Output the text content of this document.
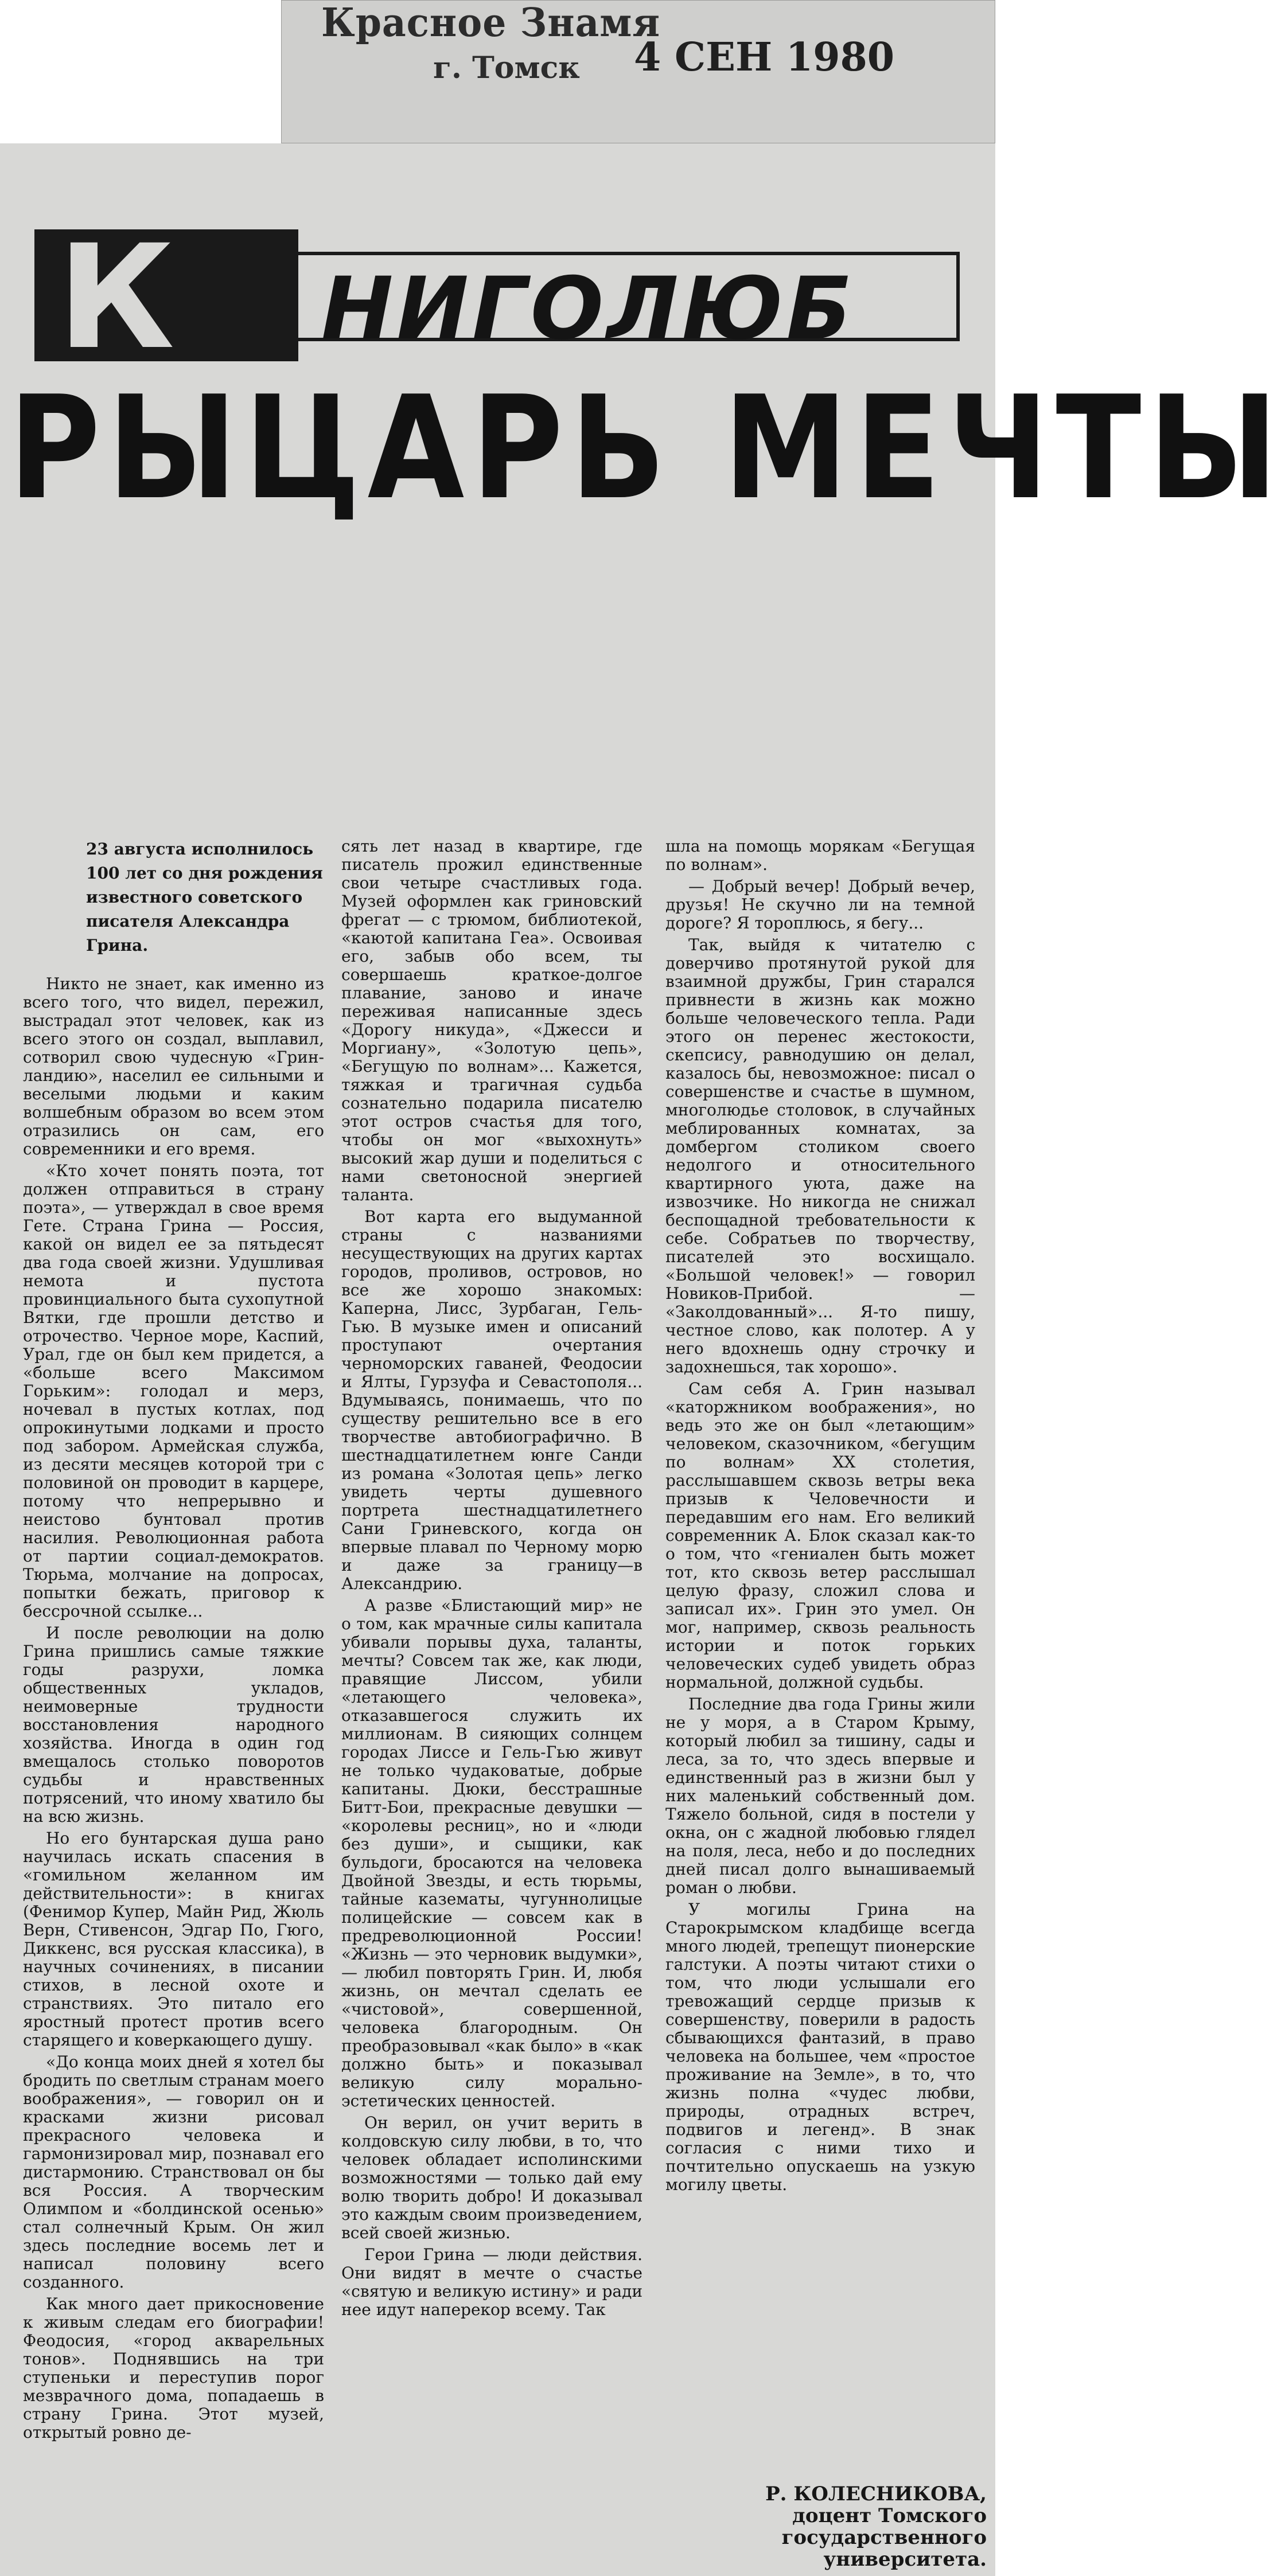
Красное Знамя
г. Томск 4 СЕН 1980
К НИГОЛЮБ
РЫЦАРЬ МЕЧТЫ

23 августа исполнилось 100 лет со дня рождения известного советского писателя Александра Грина.

Никто не знает, как именно из всего того, что видел, пережил, выстрадал этот человек, как из всего этого он создал, выплавил, сотворил свою чудесную «Грин-ландию», населил ее сильными и веселыми людьми и каким волшебным образом во всем этом отразились он сам, его современники и его время.

«Кто хочет понять поэта, тот должен отправиться в страну поэта», — утверждал в свое время Гете. Страна Грина — Россия, какой он видел ее за пятьдесят два года своей жизни. Удушливая немота и пустота провинциального быта сухопутной Вятки, где прошли детство и отрочество. Черное море, Каспий, Урал, где он был кем придется, а «больше всего Максимом Горьким»: голодал и мерз, ночевал в пустых котлах, под опрокинутыми лодками и просто под забором. Армейская служба, из десяти месяцев которой три с половиной он проводит в карцере, потому что непрерывно и неистово бунтовал против насилия. Революционная работа от партии социал-демократов. Тюрьма, молчание на допросах, попытки бежать, приговор к бессрочной ссылке...

И после революции на долю Грина пришлись самые тяжкие годы разрухи, ломка общественных укладов, неимоверные трудности восстановления народного хозяйства. Иногда в один год вмещалось столько поворотов судьбы и нравственных потрясений, что иному хватило бы на всю жизнь.

Но его бунтарская душа рано научилась искать спасения в «гомильном желанном им действительности»: в книгах (Фенимор Купер, Майн Рид, Жюль Верн, Стивенсон, Эдгар По, Гюго, Диккенс, вся русская классика), в научных сочинениях, в писании стихов, в лесной охоте и странствиях. Это питало его яростный протест против всего старящего и коверкающего душу.

«До конца моих дней я хотел бы бродить по светлым странам моего воображения», — говорил он и красками жизни рисовал прекрасного человека и гармонизировал мир, познавал его дистармонию. Странствовал он бы вся Россия. А творческим Олимпом и «болдинской осенью» стал солнечный Крым. Он жил здесь последние восемь лет и написал половину всего созданного.

Как много дает прикосновение к живым следам его биографии! Феодосия, «город акварельных тонов». Поднявшись на три ступеньки и переступив порог мезврачного дома, попадаешь в страну Грина. Этот музей, открытый ровно де-

сять лет назад в квартире, где писатель прожил единственные свои четыре счастливых года. Музей оформлен как гриновский фрегат — с трюмом, библиотекой, «каютой капитана Геа». Освоивая его, забыв обо всем, ты совершаешь краткое-долгое плавание, заново и иначе переживая написанные здесь «Дорогу никуда», «Джесси и Моргиану», «Золотую цепь», «Бегущую по волнам»... Кажется, тяжкая и трагичная судьба сознательно подарила писателю этот остров счастья для того, чтобы он мог «выхохнуть» высокий жар души и поделиться с нами светоносной энергией таланта.

Вот карта его выдуманной страны с названиями несуществующих на других картах городов, проливов, островов, но все же хорошо знакомых: Каперна, Лисс, Зурбаган, Гель-Гью. В музыке имен и описаний проступают очертания черноморских гаваней, Феодосии и Ялты, Гурзуфа и Севастополя... Вдумываясь, понимаешь, что по существу решительно все в его творчестве автобиографично. В шестнадцатилетнем юнге Санди из романа «Золотая цепь» легко увидеть черты душевного портрета шестнадцатилетнего Сани Гриневского, когда он впервые плавал по Черному морю и даже за границу—в Александрию.

А разве «Блистающий мир» не о том, как мрачные силы капитала убивали порывы духа, таланты, мечты? Совсем так же, как люди, правящие Лиссом, убили «летающего человека», отказавшегося служить их миллионам. В сияющих солнцем городах Лиссе и Гель-Гью живут не только чудаковатые, добрые капитаны. Дюки, бесстрашные Битт-Бои, прекрасные девушки — «королевы ресниц», но и «люди без души», и сыщики, как бульдоги, бросаются на человека Двойной Звезды, и есть тюрьмы, тайные казематы, чугуннолицые полицейские — совсем как в предреволюционной России! «Жизнь — это черновик выдумки», — любил повторять Грин. И, любя жизнь, он мечтал сделать ее «чистовой», совершенной, человека благородным. Он преобразовывал «как было» в «как должно быть» и показывал великую силу морально-эстетических ценностей.

Он верил, он учит верить в колдовскую силу любви, в то, что человек обладает исполинскими возможностями — только дай ему волю творить добро! И доказывал это каждым своим произведением, всей своей жизнью.

Герои Грина — люди действия. Они видят в мечте о счастье «святую и великую истину» и ради нее идут наперекор всему. Так

шла на помощь морякам «Бегущая по волнам».

— Добрый вечер! Добрый вечер, друзья! Не скучно ли на темной дороге? Я тороплюсь, я бегу...

Так, выйдя к читателю с доверчиво протянутой рукой для взаимной дружбы, Грин старался привнести в жизнь как можно больше человеческого тепла. Ради этого он перенес жестокости, скепсису, равнодушию он делал, казалось бы, невозможное: писал о совершенстве и счастье в шумном, многолюдье столовок, в случайных меблированных комнатах, за домбергом столиком своего недолгого и относительного квартирного уюта, даже на извозчике. Но никогда не снижал беспощадной требовательности к себе. Собратьев по творчеству, писателей это восхищало. «Большой человек!» — говорил Новиков-Прибой. — «Заколдованный»... Я-то пишу, честное слово, как полотер. А у него вдохнешь одну строчку и задохнешься, так хорошо».

Сам себя А. Грин называл «каторжником воображения», но ведь это же он был «летающим» человеком, сказочником, «бегущим по волнам» XX столетия, расслышавшем сквозь ветры века призыв к Человечности и передавшим его нам. Его великий современник А. Блок сказал как-то о том, что «гениален быть может тот, кто сквозь ветер расслышал целую фразу, сложил слова и записал их». Грин это умел. Он мог, например, сквозь реальность истории и поток горьких человеческих судеб увидеть образ нормальной, должной судьбы.

Последние два года Грины жили не у моря, а в Старом Крыму, который любил за тишину, сады и леса, за то, что здесь впервые и единственный раз в жизни был у них маленький собственный дом. Тяжело больной, сидя в постели у окна, он с жадной любовью глядел на поля, леса, небо и до последних дней писал долго вынашиваемый роман о любви.

У могилы Грина на Старокрымском кладбище всегда много людей, трепещут пионерские галстуки. А поэты читают стихи о том, что люди услышали его тревожащий сердце призыв к совершенству, поверили в радость сбывающихся фантазий, в право человека на большее, чем «простое проживание на Земле», в то, что жизнь полна «чудес любви, природы, отрадных встреч, подвигов и легенд». В знак согласия с ними тихо и почтительно опускаешь на узкую могилу цветы.

Р. КОЛЕСНИКОВА,
доцент Томского государственного университета.
